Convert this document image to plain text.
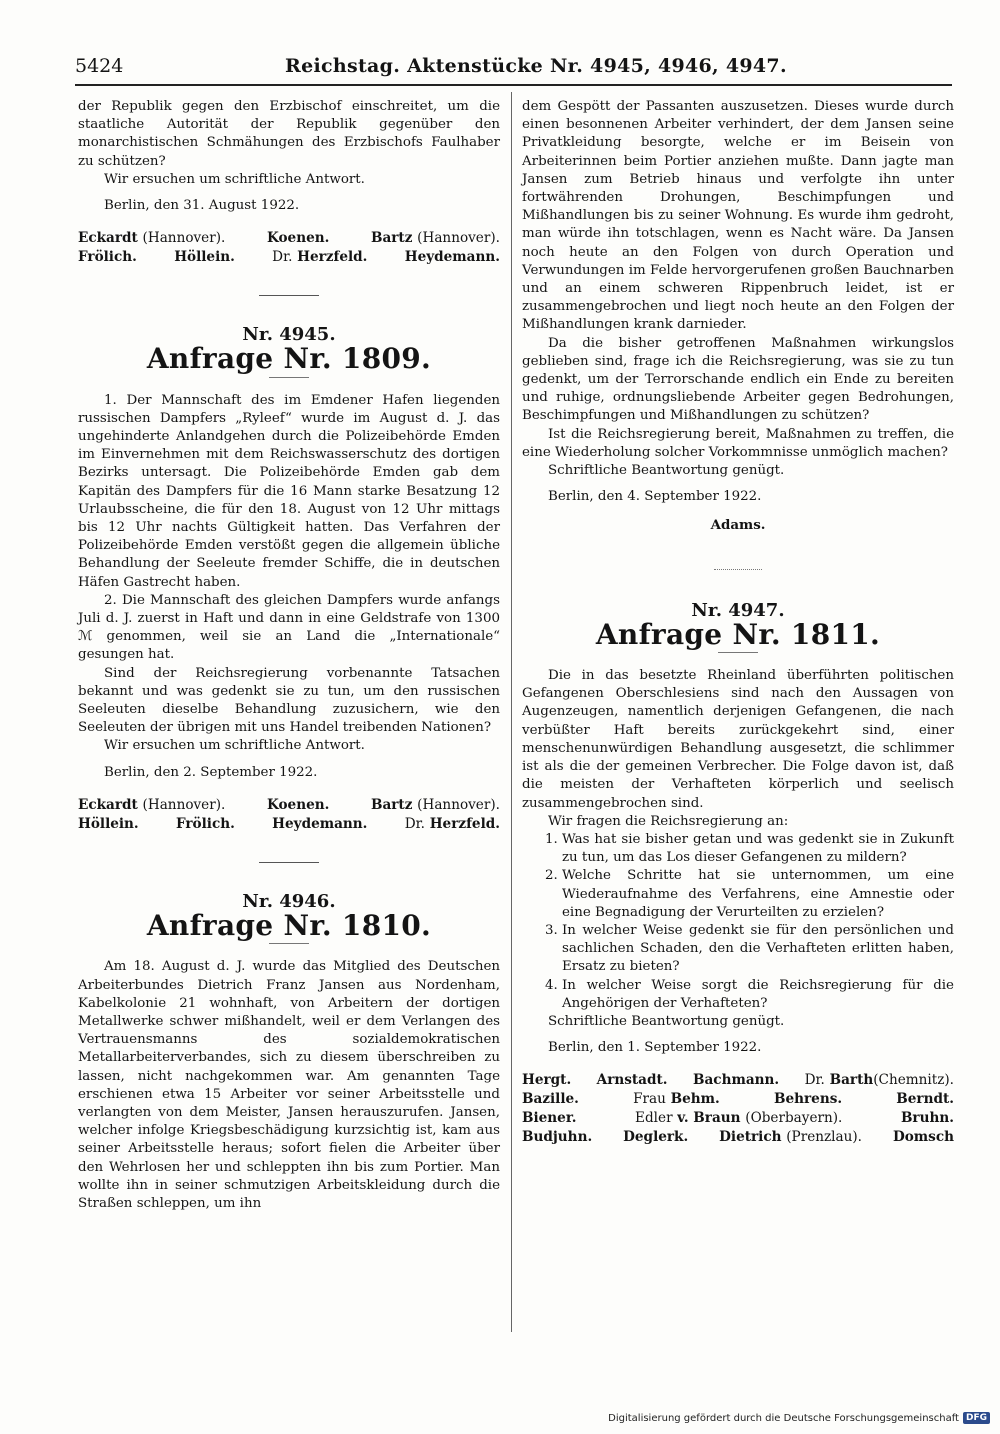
5424	Reichstag. Aktenstücke Nr. 4945, 4946, 4947.

der Republik gegen den Erzbischof einschreitet, um die staatliche Autorität der Republik gegenüber den monarchistischen Schmähungen des Erzbischofs Faulhaber zu schützen?

Wir ersuchen um schriftliche Antwort.

Berlin, den 31. August 1922.

Eckardt (Hannover).	Koenen.	Bartz (Hannover).
Frölich.	Höllein.	Dr. Herzfeld.	Heydemann.
Nr. 4945.
Anfrage Nr. 1809.

1. Der Mannschaft des im Emdener Hafen liegenden russischen Dampfers „Ryleef“ wurde im August d. J. das ungehinderte Anlandgehen durch die Polizeibehörde Emden im Einvernehmen mit dem Reichswasserschutz des dortigen Bezirks untersagt. Die Polizeibehörde Emden gab dem Kapitän des Dampfers für die 16 Mann starke Besatzung 12 Urlaubsscheine, die für den 18. August von 12 Uhr mittags bis 12 Uhr nachts Gültigkeit hatten. Das Verfahren der Polizeibehörde Emden verstößt gegen die allgemein übliche Behandlung der Seeleute fremder Schiffe, die in deutschen Häfen Gastrecht haben.

2. Die Mannschaft des gleichen Dampfers wurde anfangs Juli d. J. zuerst in Haft und dann in eine Geldstrafe von 1300 ℳ genommen, weil sie an Land die „Internationale“ gesungen hat.

Sind der Reichsregierung vorbenannte Tatsachen bekannt und was gedenkt sie zu tun, um den russischen Seeleuten dieselbe Behandlung zuzusichern, wie den Seeleuten der übrigen mit uns Handel treibenden Nationen?

Wir ersuchen um schriftliche Antwort.

Berlin, den 2. September 1922.

Eckardt (Hannover).	Koenen.	Bartz (Hannover).
Höllein.	Frölich.	Heydemann.	Dr. Herzfeld.
Nr. 4946.
Anfrage Nr. 1810.

Am 18. August d. J. wurde das Mitglied des Deutschen Arbeiterbundes Dietrich Franz Jansen aus Nordenham, Kabelkolonie 21 wohnhaft, von Arbeitern der dortigen Metallwerke schwer mißhandelt, weil er dem Verlangen des Vertrauensmanns des sozialdemokratischen Metallarbeiterverbandes, sich zu diesem überschreiben zu lassen, nicht nachgekommen war. Am genannten Tage erschienen etwa 15 Arbeiter vor seiner Arbeitsstelle und verlangten von dem Meister, Jansen herauszurufen. Jansen, welcher infolge Kriegsbeschädigung kurzsichtig ist, kam aus seiner Arbeitsstelle heraus; sofort fielen die Arbeiter über den Wehrlosen her und schleppten ihn bis zum Portier. Man wollte ihn in seiner schmutzigen Arbeitskleidung durch die Straßen schleppen, um ihn

dem Gespött der Passanten auszusetzen. Dieses wurde durch einen besonnenen Arbeiter verhindert, der dem Jansen seine Privatkleidung besorgte, welche er im Beisein von Arbeiterinnen beim Portier anziehen mußte. Dann jagte man Jansen zum Betrieb hinaus und verfolgte ihn unter fortwährenden Drohungen, Beschimpfungen und Mißhandlungen bis zu seiner Wohnung. Es wurde ihm gedroht, man würde ihn totschlagen, wenn es Nacht wäre. Da Jansen noch heute an den Folgen von durch Operation und Verwundungen im Felde hervorgerufenen großen Bauchnarben und an einem schweren Rippenbruch leidet, ist er zusammengebrochen und liegt noch heute an den Folgen der Mißhandlungen krank darnieder.

Da die bisher getroffenen Maßnahmen wirkungslos geblieben sind, frage ich die Reichsregierung, was sie zu tun gedenkt, um der Terrorschande endlich ein Ende zu bereiten und ruhige, ordnungsliebende Arbeiter gegen Bedrohungen, Beschimpfungen und Mißhandlungen zu schützen?

Ist die Reichsregierung bereit, Maßnahmen zu treffen, die eine Wiederholung solcher Vorkommnisse unmöglich machen?

Schriftliche Beantwortung genügt.

Berlin, den 4. September 1922.

Adams.
Nr. 4947.
Anfrage Nr. 1811.

Die in das besetzte Rheinland überführten politischen Gefangenen Oberschlesiens sind nach den Aussagen von Augenzeugen, namentlich derjenigen Gefangenen, die nach verbüßter Haft bereits zurückgekehrt sind, einer menschenunwürdigen Behandlung ausgesetzt, die schlimmer ist als die der gemeinen Verbrecher. Die Folge davon ist, daß die meisten der Verhafteten körperlich und seelisch zusammengebrochen sind.

Wir fragen die Reichsregierung an:

1. Was hat sie bisher getan und was gedenkt sie in Zukunft zu tun, um das Los dieser Gefangenen zu mildern?
2. Welche Schritte hat sie unternommen, um eine Wiederaufnahme des Verfahrens, eine Amnestie oder eine Begnadigung der Verurteilten zu erzielen?
3. In welcher Weise gedenkt sie für den persönlichen und sachlichen Schaden, den die Verhafteten erlitten haben, Ersatz zu bieten?
4. In welcher Weise sorgt die Reichsregierung für die Angehörigen der Verhafteten?

Schriftliche Beantwortung genügt.

Berlin, den 1. September 1922.

Hergt. Arnstadt. Bachmann. Dr. Barth(Chemnitz).
Bazille.	Frau Behm.	Behrens.	Berndt.
Biener.	Edler v. Braun (Oberbayern).	Bruhn.
Budjuhn. Deglerk. Dietrich (Prenzlau). Domsch
Digitalisierung gefördert durch die Deutsche Forschungsgemeinschaft DFG
